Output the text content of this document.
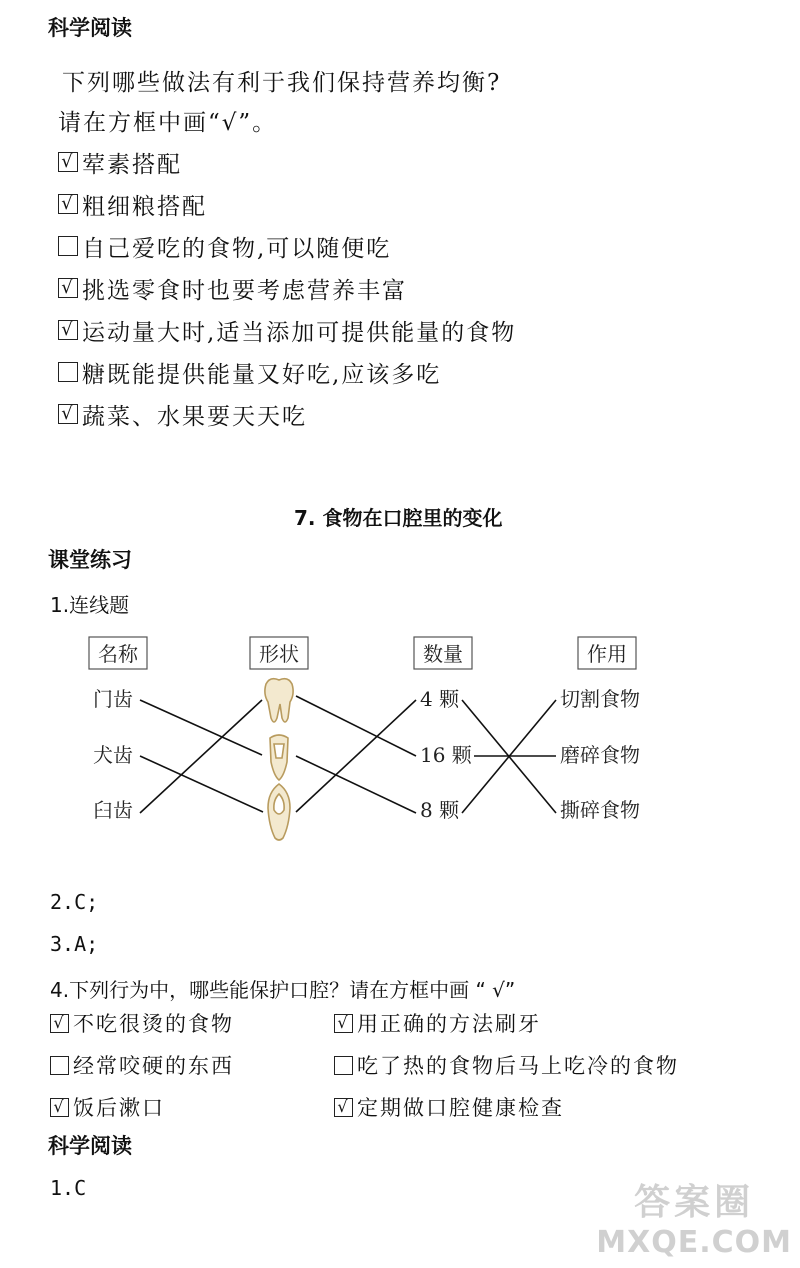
科学阅读
下列哪些做法有利于我们保持营养均衡?
请在方框中画“√”。
√ 荤素搭配
√ 粗细粮搭配
自己爱吃的食物,可以随便吃
√ 挑选零食时也要考虑营养丰富
√ 运动量大时,适当添加可提供能量的食物
糖既能提供能量又好吃,应该多吃
√ 蔬菜、水果要天天吃
7. 食物在口腔里的变化
课堂练习
1.连线题
名称	形状	数量	作用
门齿
犬齿
臼齿
4 颗
16 颗
8 颗
切割食物
磨碎食物
撕碎食物
2.C;
3.A;
4.下列行为中，哪些能保护口腔？请在方框中画 “ √”
√ 不吃很烫的食物	√ 用正确的方法刷牙
经常咬硬的东西	吃了热的食物后马上吃冷的食物
√ 饭后漱口	√ 定期做口腔健康检查
科学阅读
1.C	答案圈
MXQE.COM
